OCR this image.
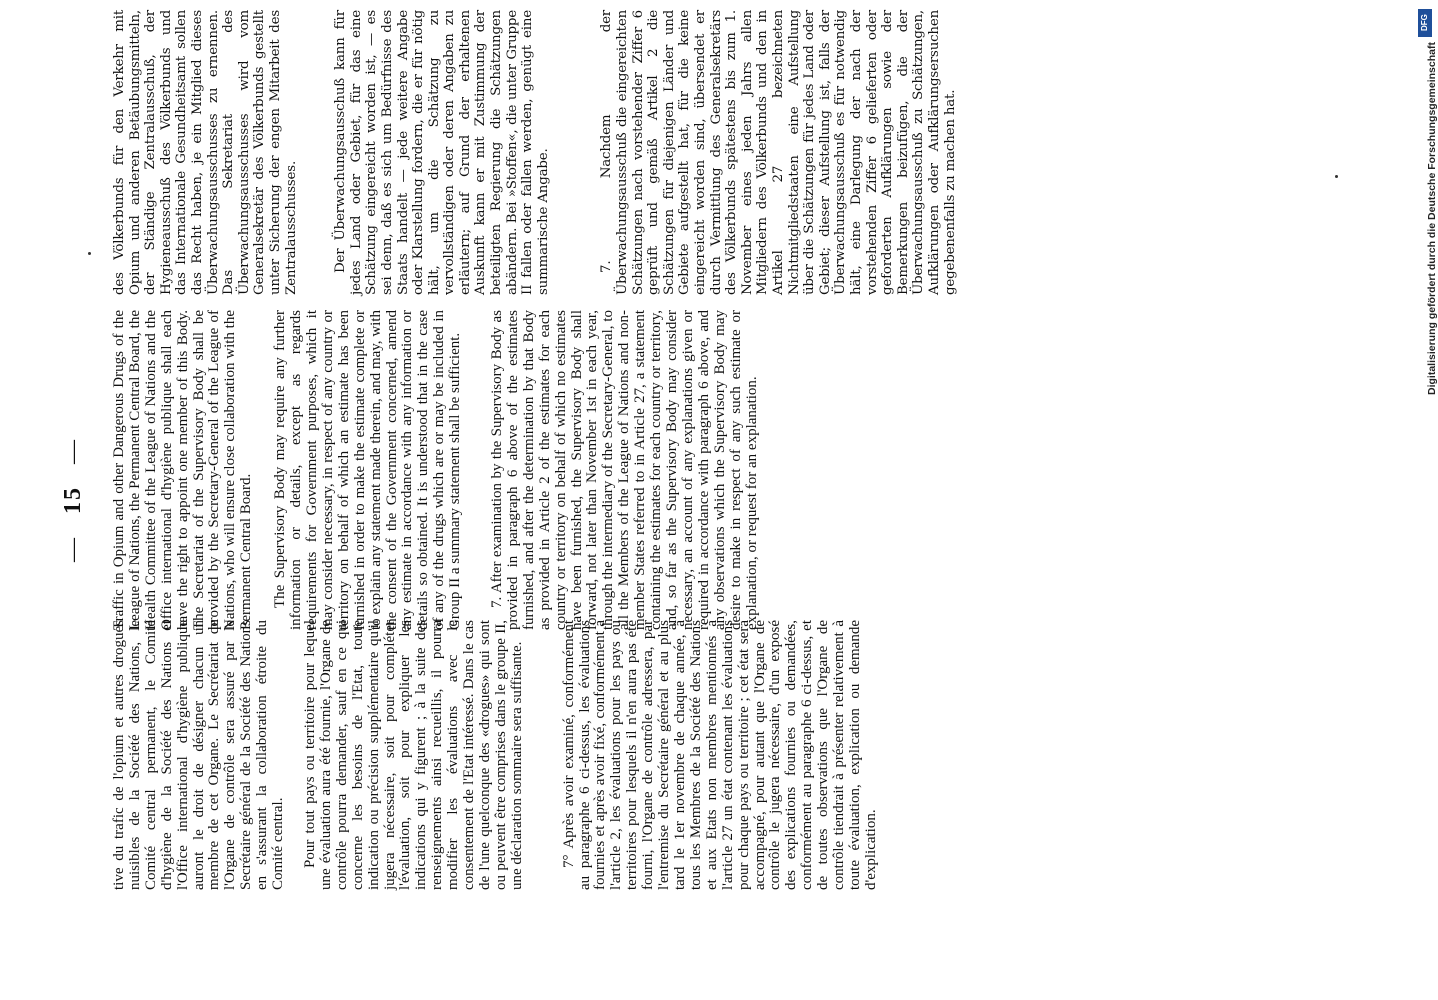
— 15 —

tive du trafic de l'opium et autres drogues nuisibles de la Société des Nations, le Comité central permanent, le Comité d'hygiène de la Société des Nations et l'Office international d'hygiène publique auront le droit de désigner chacun un membre de cet Organe. Le Secrétariat de l'Organe de contrôle sera assuré par le Secrétaire général de la Société des Nations en s'assurant la collaboration étroite du Comité central. Pour tout pays ou territoire pour lequel une évaluation aura été fournie, l'Organe de contrôle pourra demander, sauf en ce qui concerne les besoins de l'Etat, toute indication ou précision supplémentaire qu'il jugera nécessaire, soit pour compléter l'évaluation, soit pour expliquer les indications qui y figurent ; à la suite des renseignements ainsi recueillis, il pourra modifier les évaluations avec le consentement de l'Etat intéressé. Dans le cas de l'une quelconque des «drogues» qui sont ou peuvent être comprises dans le groupe II, une déclaration sommaire sera suffisante. 7° Après avoir examiné, conformément au paragraphe 6 ci-dessus, les évaluations fournies et après avoir fixé, conformément à l'article 2, les évaluations pour les pays ou territoires pour lesquels il n'en aura pas été fourni, l'Organe de contrôle adressera, par l'entremise du Secrétaire général et au plus tard le 1er novembre de chaque année, à tous les Membres de la Société des Nations et aux Etats non membres mentionnés à l'article 27 un état contenant les évaluations pour chaque pays ou territoire ; cet état sera accompagné, pour autant que l'Organe de contrôle le jugera nécessaire, d'un exposé des explications fournies ou demandées, conformément au paragraphe 6 ci-dessus, et de toutes observations que l'Organe de contrôle tiendrait à présenter relativement à toute évaluation, explication ou demande d'explication.

Traffic in Opium and other Dangerous Drugs of the League of Nations, the Permanent Central Board, the Health Committee of the League of Nations and the Office international d'hygiène publique shall each have the right to appoint one member of this Body. The Secretariat of the Supervisory Body shall be provided by the Secretary-General of the League of Nations, who will ensure close collaboration with the Permanent Central Board. The Supervisory Body may require any further information or details, except as regards requirements for Government purposes, which it may consider necessary, in respect of any country or territory on behalf of which an estimate has been furnished in order to make the estimate complete or to explain any statement made therein, and may, with the consent of the Government concerned, amend any estimate in accordance with any information or details so obtained. It is understood that in the case of any of the drugs which are or may be included in Group II a summary statement shall be sufficient. 7. After examination by the Supervisory Body as provided in paragraph 6 above of the estimates furnished, and after the determination by that Body as provided in Article 2 of the estimates for each country or territory on behalf of which no estimates have been furnished, the Supervisory Body shall forward, not later than November 1st in each year, through the intermediary of the Secretary-General, to all the Members of the League of Nations and non-member States referred to in Article 27, a statement containing the estimates for each country or territory, and, so far as the Supervisory Body may consider necessary, an account of any explanations given or required in accordance with paragraph 6 above, and any observations which the Supervisory Body may desire to make in respect of any such estimate or explanation, or request for an explanation.

des Völkerbunds für den Verkehr mit Opium und anderen Betäubungsmitteln, der Ständige Zentralausschuß, der Hygieneausschuß des Völkerbunds und das Internationale Gesundheitsamt sollen das Recht haben, je ein Mitglied dieses Überwachungsausschusses zu ernennen. Das Sekretariat des Überwachungsausschusses wird vom Generalsekretär des Völkerbunds gestellt unter Sicherung der engen Mitarbeit des Zentralausschusses.	Der Überwachungsausschuß kann für jedes Land oder Gebiet, für das eine Schätzung eingereicht worden ist, — es sei denn, daß es sich um Bedürfnisse des Staats handelt — jede weitere Angabe oder Klarstellung fordern, die er für nötig hält, um die Schätzung zu vervollständigen oder deren Angaben zu erläutern; auf Grund der erhaltenen Auskunft kann er mit Zustimmung der beteiligten Regierung die Schätzungen abändern. Bei »Stoffen«, die unter Gruppe II fallen oder fallen werden, genügt eine summarische Angabe.	7. Nachdem der Überwachungsausschuß die eingereichten Schätzungen nach vorstehender Ziffer 6 geprüft und gemäß Artikel 2 die Schätzungen für diejenigen Länder und Gebiete aufgestellt hat, für die keine eingereicht worden sind, übersendet er durch Vermittlung des Generalsekretärs des Völkerbunds spätestens bis zum 1. November eines jeden Jahrs allen Mitgliedern des Völkerbunds und den in Artikel 27 bezeichneten Nichtmitgliedstaaten eine Aufstellung über die Schätzungen für jedes Land oder Gebiet; dieser Aufstellung ist, falls der Überwachungsausschuß es für notwendig hält, eine Darlegung der nach der vorstehenden Ziffer 6 gelieferten oder geforderten Aufklärungen sowie der Bemerkungen beizufügen, die der Überwachungsausschuß zu Schätzungen, Aufklärungen oder Aufklärungsersuchen gegebenenfalls zu machen hat.

DFG
Digitalisierung gefördert durch die Deutsche Forschungsgemeinschaft
